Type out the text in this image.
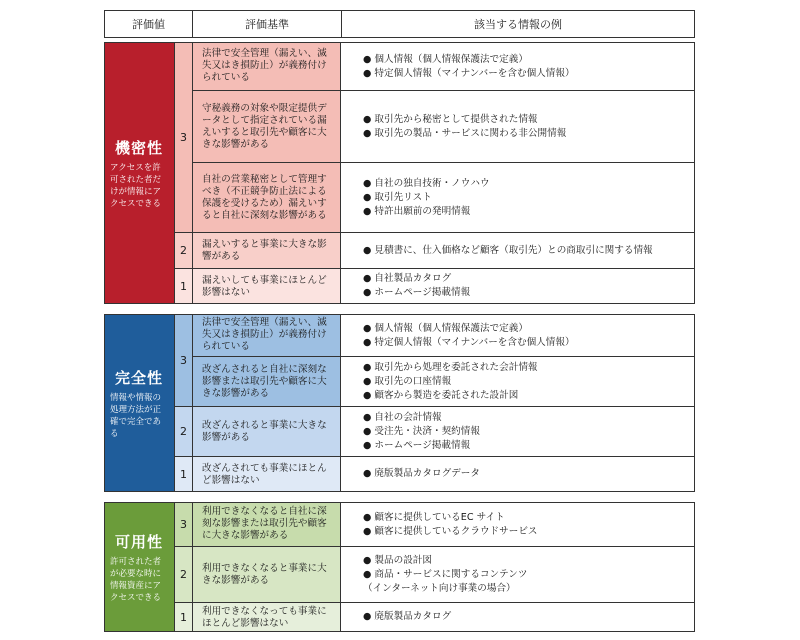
評価値	評価基準	該当する情報の例
機密性
アクセスを許可された者だけが情報にアクセスできる
3
2
1
法律で安全管理（漏えい、滅失又はき損防止）が義務付けられている
守秘義務の対象や限定提供データとして指定されている漏えいすると取引先や顧客に大きな影響がある
自社の営業秘密として管理すべき（不正競争防止法による保護を受けるため）漏えいすると自社に深刻な影響がある
漏えいすると事業に大きな影響がある
漏えいしても事業にほとんど影響はない
● 個人情報（個人情報保護法で定義）
● 特定個人情報（マイナンバーを含む個人情報）
● 取引先から秘密として提供された情報
● 取引先の製品・サービスに関わる非公開情報
● 自社の独自技術・ノウハウ
● 取引先リスト
● 特許出願前の発明情報
● 見積書に、仕入価格など顧客（取引先）との商取引に関する情報
● 自社製品カタログ
● ホームページ掲載情報
完全性
情報や情報の処理方法が正確で完全である
3
2
1
法律で安全管理（漏えい、滅失又はき損防止）が義務付けられている
改ざんされると自社に深刻な影響または取引先や顧客に大きな影響がある
改ざんされると事業に大きな影響がある
改ざんされても事業にほとんど影響はない
● 個人情報（個人情報保護法で定義）
● 特定個人情報（マイナンバーを含む個人情報）
● 取引先から処理を委託された会計情報
● 取引先の口座情報
● 顧客から製造を委託された設計図
● 自社の会計情報
● 受注先・決済・契約情報
● ホームページ掲載情報
● 廃版製品カタログデータ
可用性
許可された者が必要な時に情報資産にアクセスできる
3
2
1
利用できなくなると自社に深刻な影響または取引先や顧客に大きな影響がある
利用できなくなると事業に大きな影響がある
利用できなくなっても事業にほとんど影響はない
● 顧客に提供しているEC サイト
● 顧客に提供しているクラウドサービス
● 製品の設計図
● 商品・サービスに関するコンテンツ
（インターネット向け事業の場合）
● 廃版製品カタログ
